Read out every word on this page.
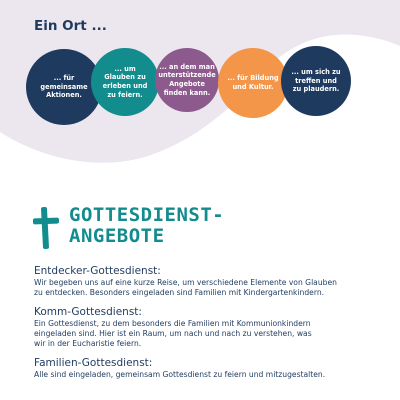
Ein Ort ...
... für gemeinsame Aktionen.
... um Glauben zu erleben und zu feiern.
... an dem man unterstützende Angebote finden kann.
... für Bildung und Kultur.
... um sich zu treffen und zu plaudern.
GOTTESDIENST-
ANGEBOTE
Entdecker-Gottesdienst:

Wir begeben uns auf eine kurze Reise, um verschiedene Elemente von Glauben
zu entdecken. Besonders eingeladen sind Familien mit Kindergartenkindern.

Komm-Gottesdienst:

Ein Gottesdienst, zu dem besonders die Familien mit Kommunionkindern
eingeladen sind. Hier ist ein Raum, um nach und nach zu verstehen, was
wir in der Eucharistie feiern.

Familien-Gottesdienst:

Alle sind eingeladen, gemeinsam Gottesdienst zu feiern und mitzugestalten.
